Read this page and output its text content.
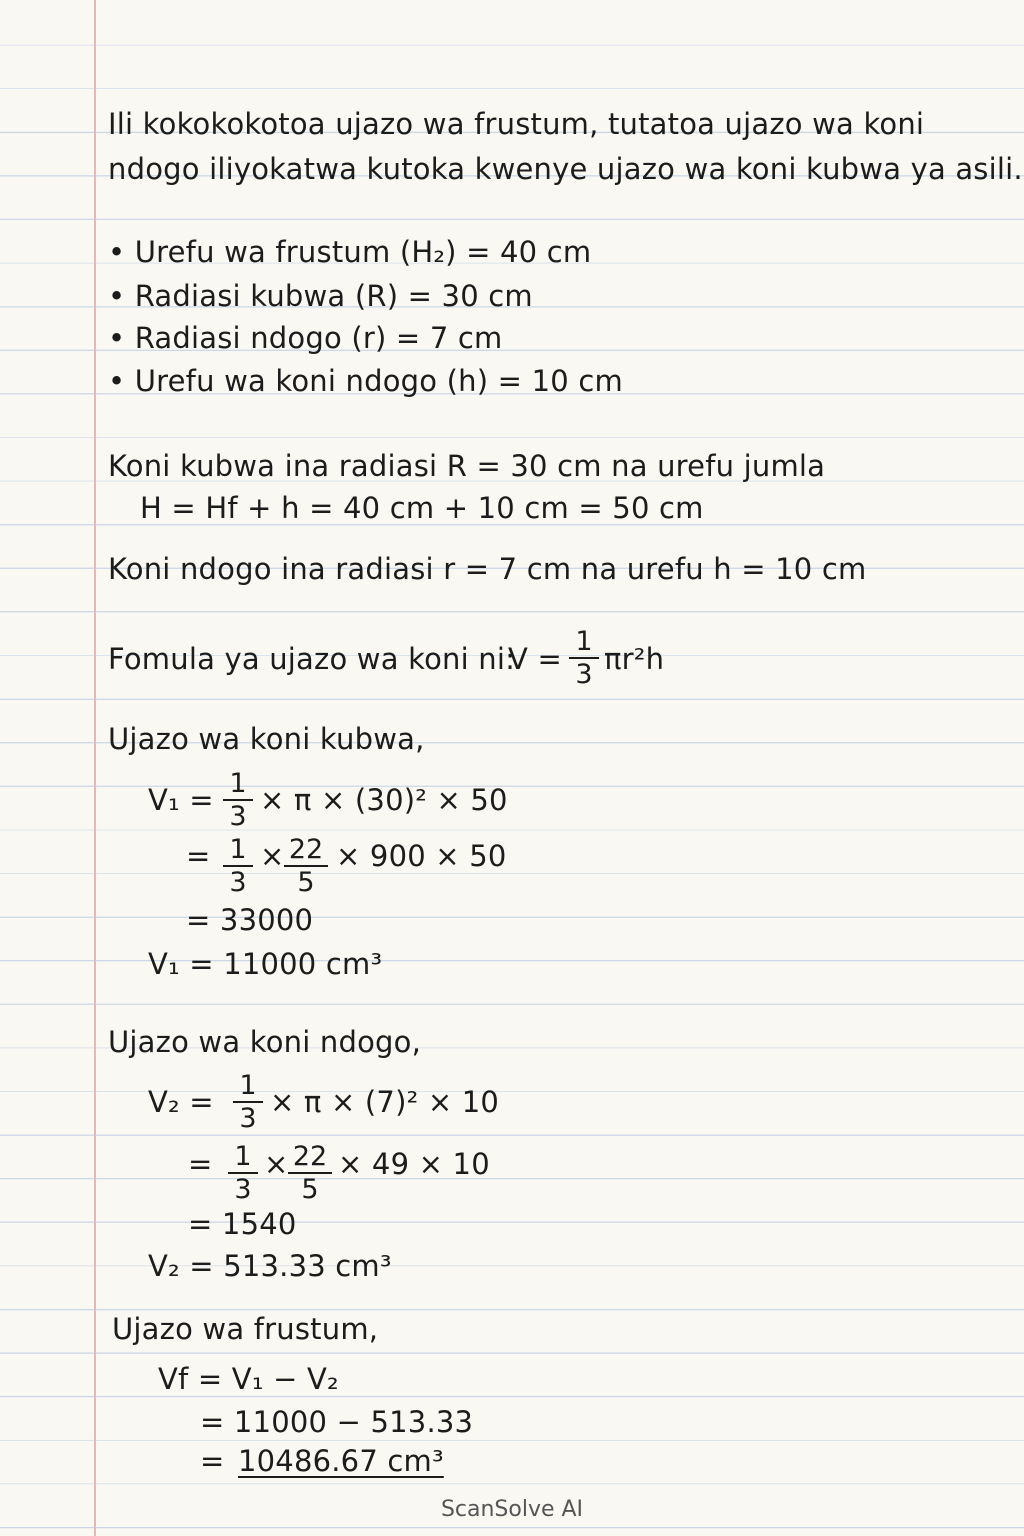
Ili kokokokotoa ujazo wa frustum, tutatoa ujazo wa koni
ndogo iliyokatwa kutoka kwenye ujazo wa koni kubwa ya asili.
• Urefu wa frustum (H₂) = 40 cm
• Radiasi kubwa (R) = 30 cm
• Radiasi ndogo (r) = 7 cm
• Urefu wa koni ndogo (h) = 10 cm
Koni kubwa ina radiasi R = 30 cm na urefu jumla
H = Hf + h = 40 cm + 10 cm = 50 cm
Koni ndogo ina radiasi r = 7 cm na urefu h = 10 cm
Fomula ya ujazo wa koni ni:
$V = \frac{1}{3} \pi r^2h$
Ujazo wa koni kubwa,
$V_1 = \frac{1}{3} \times \pi \times (30)^2 \times 50$
= $\frac{1}{3} \times \frac{22}{5} \times 900 \times 50$
= 33000
V₁ = 11000 cm³
Ujazo wa koni ndogo,
$V_2 = \frac{1}{3} \times \pi \times (7)^2 \times 10$
= $\frac{1}{3} \times \frac{22}{5} \times 49 \times 10$
= 1540
V₂ = 513.33 cm³
Ujazo wa frustum,
Vf = V₁ − V₂
= 11000 − 513.33
= 10486.67 cm³
ScanSolve AI
